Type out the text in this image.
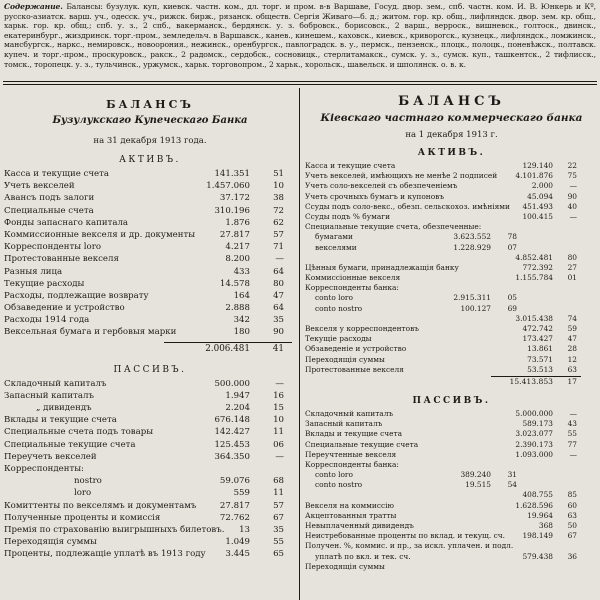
Содержание. Балансы: бузулук. куп, киевск. частн. ком., дл. торг. и пром. в-в Варшаве, Госуд. двор. зем., спб. частн. ком. И. В. Юнкерь и Кº, русско-азиатск. варш. уч., одесск. уч., рижск. бирж., рязанск. обществ. Сергія Живаго—б. д.; житом. гор. кр. общ., лифляндск. двор. зем. кр. общ., харьк. гор. кр. общ.; спб. у. з., 2 спб., вакерманск., бердянск. у. з. бобровск., борисовск., 2 варш., верроск., вишневск., голтоск., двинск., екатеринбург., жиздринск. торг.-пром., земледельч. в Варшавск., канев., кинешем., каховск., киевск., криворогск., кузнецк., лифляндск., ломжинск., мансбургск., наркс., немировск., новоорония., нежинск., оренбургск., павлоградск. в. у., пермск., пензенск., плоцк., полоцк., поневѣжск., полтавск. купеч. и торг.-пром., проскуровск., ракск., 2 радомск., сердобск., сосновицк., стерлитамакск., сумск. у. з., сумск. куп., ташкентск., 2 тифлисск., томск., торопецк. у. з., тульчинск., уржумск., харьк. торговопром., 2 харьк., хорольск., шавельск. и шполянск. о. в. к.
БАЛАНСЪ
Бузулукскаго Купеческаго Банка
на 31 декабря 1913 года.
АКТИВЪ.
Касса и текущие счета	141.351	51
Учеть векселей	1.457.060	10
Авансъ подъ залоги	37.172	38
Специальные счета	310.196	72
Фонды запаснаго капитала	1.876	62
Коммиссионные векселя и др. документы	27.817	57
Корреспонденты loro	4.217	71
Протестованные векселя	8.200	—
Разныя лица	433	64
Текущие расходы	14.578	80
Расходы, подлежащие возврату	164	47
Обзаведение и устройство	2.888	64
Расходы 1914 года	342	35
Вексельная бумага и гербовыя марки	180	90
2.006.481	41
ПАССИВЪ.
Складочный капиталъ	500.000	—
Запасный капиталъ	1.947	16
„ дивидендъ	2.204	15
Вклады и текущие счета	676.148	10
Специальные счета подъ товары	142.427	11
Специальные текущие счета	125.453	06
Переучеть векселей	364.350	—
Корреспонденты:
nostro	59.076	68
loro	559	11
Комиттенты по векселямъ и документамъ	27.817	57
Полученные проценты и комиссія	72.762	67
Премія по страхованію выигрышныхъ билетовъ.	13	35
Переходящія суммы	1.049	55
Проценты, подлежащіе уплатѣ въ 1913 году	3.445	65
БАЛАНСЪ
Кіевскаго частнаго коммерческаго банка
на 1 декабря 1913 г.
АКТИВЪ.
Касса и текущие счета	129.140	22
Учеть векселей, имѣющихъ не менѣе 2 подписей	4.101.876	75
Учеть соло-векселей съ обезпеченіемъ	2.000	—
Учеть срочныхъ бумагъ и купоновъ	45.094	90
Ссуды подъ соло-векс., обезп. сельскохоз. имѣніями	451.493	40
Ссуды подъ % бумаги	100.415	—
Специальные текущие счета, обезпеченные:
бумагами	3.623.552	78
векселями	1.228.929	07
4.852.481	80
Цѣнныя бумаги, принадлежащія банку	772.392	27
Коммиссіонные векселя	1.155.784	01
Корреспонденты банка:
conto loro	2.915.311	05
conto nostro	100.127	69
3.015.438	74
Векселя у корреспондентовъ	472.742	59
Текущіе расходы	173.427	47
Обзаведеніе и устройство	13.861	28
Переходящія суммы	73.571	12
Протестованные векселя	53.513	63
15.413.853	17
ПАССИВЪ.
Складочный капиталъ	5.000.000	—
Запасный капиталъ	589.173	43
Вклады и текущие счета	3.023.077	55
Специальные текущие счета	2.390.173	77
Переучтенные векселя	1.093.000	—
Корреспонденты банка:
conto loro	389.240	31
conto nostro	19.515	54
408.755	85
Векселя на коммиссію	1.628.596	60
Акцептованныя тратты	19.964	63
Невыплаченный дивидендъ	368	50
Неистребованные проценты по вклад. и текущ. сч.	198.149	67
Получен. %, коммис. и пр., за искл. уплачен. и подл.
уплатѣ по вкл. и тек. сч.	579.438	36
Переходящія суммы
